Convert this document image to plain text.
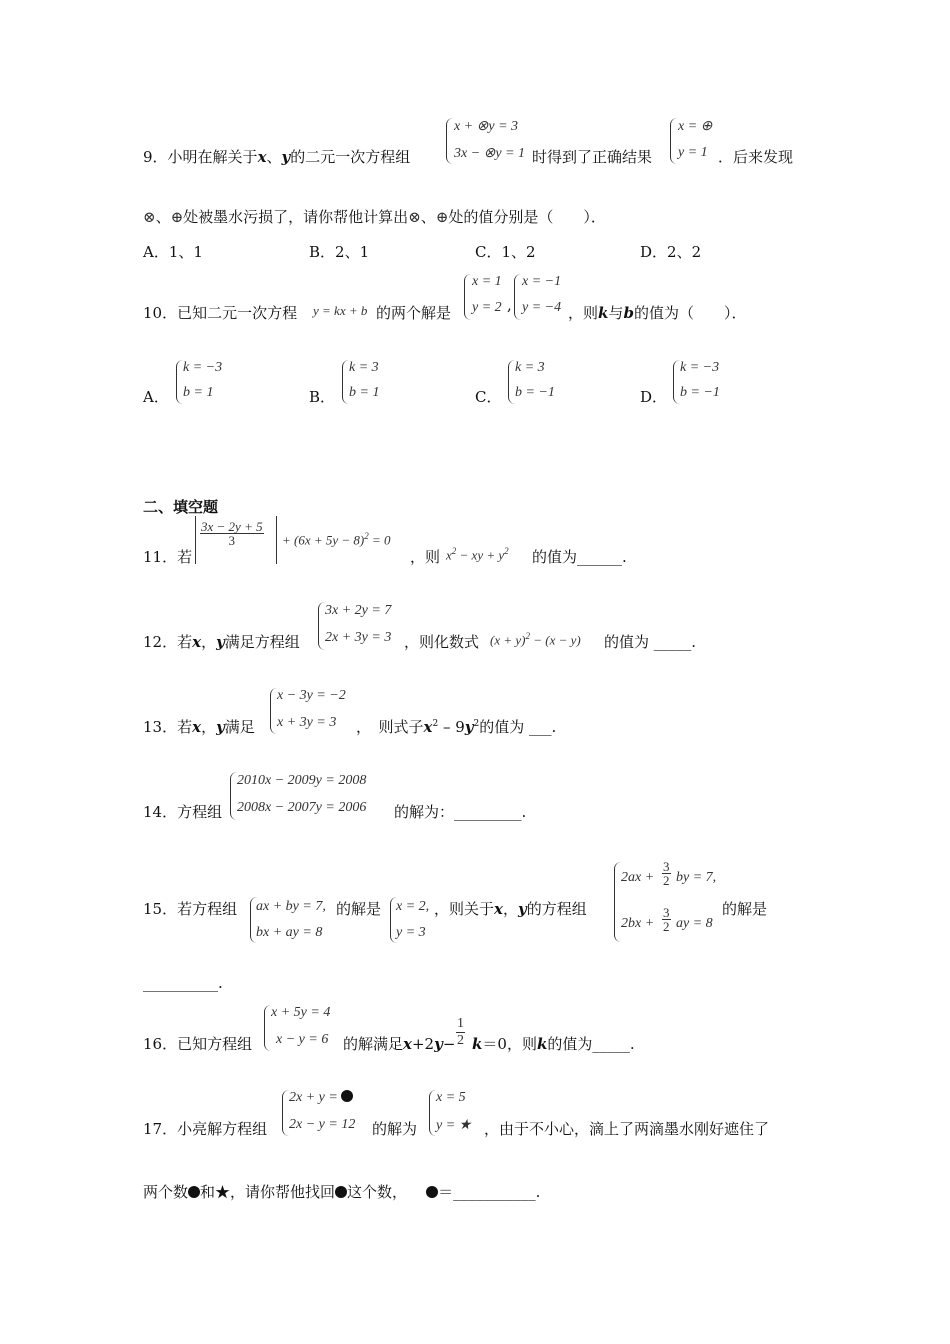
9．小明在解关于x、y的二元一次方程组
x + ⊗y = 3
3x − ⊗y = 1 时得到了正确结果
x = ⊕
y = 1 ．后来发现
⊗、⊕处被墨水污损了，请你帮他计算出⊗、⊕处的值分别是（　　）．
A．1、1	B．2、1	C．1、2	D．2、2
10．已知二元一次方程 y = kx + b 的两个解是
x = 1
y = 2 ,
x = −1
y = −4 ，则k与b的值为（　　）．
A．
k = −3
b = 1	B．
k = 3
b = 1	C．
k = 3
b = −1	D．
k = −3
b = −1
二、填空题
11．若
$\frac{3x - 2y + 5}{3} + (6x + 5y - 8)^2 = 0$
，则 $x^2$ − xy + $y^2$ 的值为______.
12．若x，y满足方程组
3x + 2y = 7
2x + 3y = 3 ，则化数式 $(x + y)^2 - (x - y)$ 的值为 _____.
13．若x，y满足
x − 3y = −2
x + 3y = 3 ，　则式子$x^2 - 9y^2$的值为 ___.
14．方程组
2010x − 2009y = 2008
2008x − 2007y = 2006 的解为：_________.
15．若方程组 ax + by = 7,
bx + ay = 8
的解是 x = 2,
y = 3
，则关于x，y的方程组
$2ax + \frac{3}{2}$ by = 7,
$2bx + \frac{3}{2}$ ay = 8
的解是
__________.
16．已知方程组
x + 5y = 4
x − y = 6 的解满足$x+2y- \frac{1}{2} k=0$，则k的值为_____.
17．小亮解方程组
2x + y =
2x − y = 12 的解为
x = 5
y = ★ ，由于不小心，滴上了两滴墨水刚好遮住了
两个数 和★，请你帮他找回 这个数， ＝___________.
